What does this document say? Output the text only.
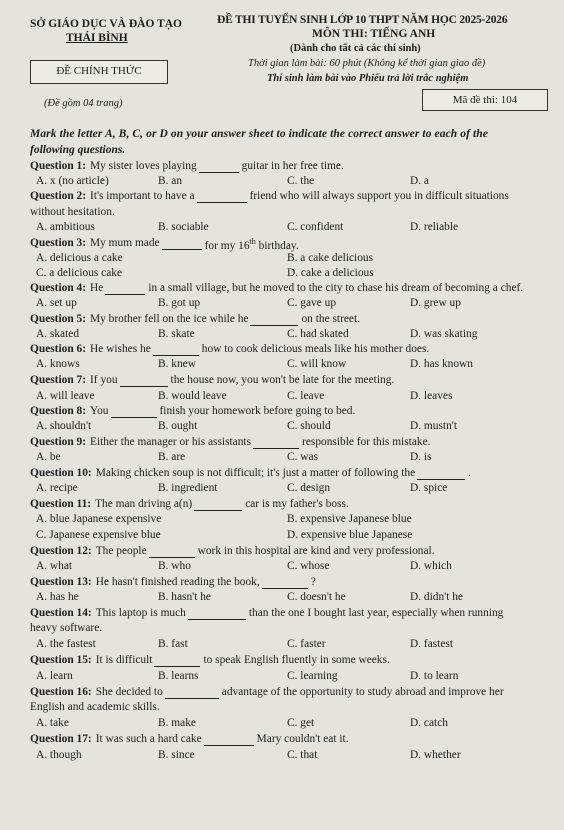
SỞ GIÁO DỤC VÀ ĐÀO TẠO
THÁI BÌNH
ĐỀ THI TUYỂN SINH LỚP 10 THPT NĂM HỌC 2025-2026
MÔN THI: TIẾNG ANH
(Dành cho tất cả các thí sinh)
Thời gian làm bài: 60 phút (Không kể thời gian giao đề)
Thí sinh làm bài vào Phiếu trả lời trắc nghiệm
ĐỀ CHÍNH THỨC
(Đề gồm 04 trang)	Mã đề thi: 104
Mark the letter A, B, C, or D on your answer sheet to indicate the correct answer to each of the
following questions.
Question 1: My sister loves playing	guitar in her free time.
A. x (no article)	B. an	C. the	D. a
Question 2: It's important to have a	friend who will always support you in difficult situations
without hesitation.
A. ambitious	B. sociable	C. confident	D. reliable
Question 3: My mum made	for my 16th birthday.
A. delicious a cake	B. a cake delicious
C. a delicious cake	D. cake a delicious
Question 4: He	in a small village, but he moved to the city to chase his dream of becoming a chef.
A. set up	B. got up	C. gave up	D. grew up
Question 5: My brother fell on the ice while he	on the street.
A. skated	B. skate	C. had skated	D. was skating
Question 6: He wishes he	how to cook delicious meals like his mother does.
A. knows	B. knew	C. will know	D. has known
Question 7: If you	the house now, you won't be late for the meeting.
A. will leave	B. would leave	C. leave	D. leaves
Question 8: You	finish your homework before going to bed.
A. shouldn't	B. ought	C. should	D. mustn't
Question 9: Either the manager or his assistants	responsible for this mistake.
A. be	B. are	C. was	D. is
Question 10: Making chicken soup is not difficult; it's just a matter of following the	.
A. recipe	B. ingredient	C. design	D. spice
Question 11: The man driving a(n)	car is my father's boss.
A. blue Japanese expensive	B. expensive Japanese blue
C. Japanese expensive blue	D. expensive blue Japanese
Question 12: The people	work in this hospital are kind and very professional.
A. what	B. who	C. whose	D. which
Question 13: He hasn't finished reading the book,	?
A. has he	B. hasn't he	C. doesn't he	D. didn't he
Question 14: This laptop is much	than the one I bought last year, especially when running
heavy software.
A. the fastest	B. fast	C. faster	D. fastest
Question 15: It is difficult	to speak English fluently in some weeks.
A. learn	B. learns	C. learning	D. to learn
Question 16: She decided to	advantage of the opportunity to study abroad and improve her
English and academic skills.
A. take	B. make	C. get	D. catch
Question 17: It was such a hard cake	Mary couldn't eat it.
A. though	B. since	C. that	D. whether
